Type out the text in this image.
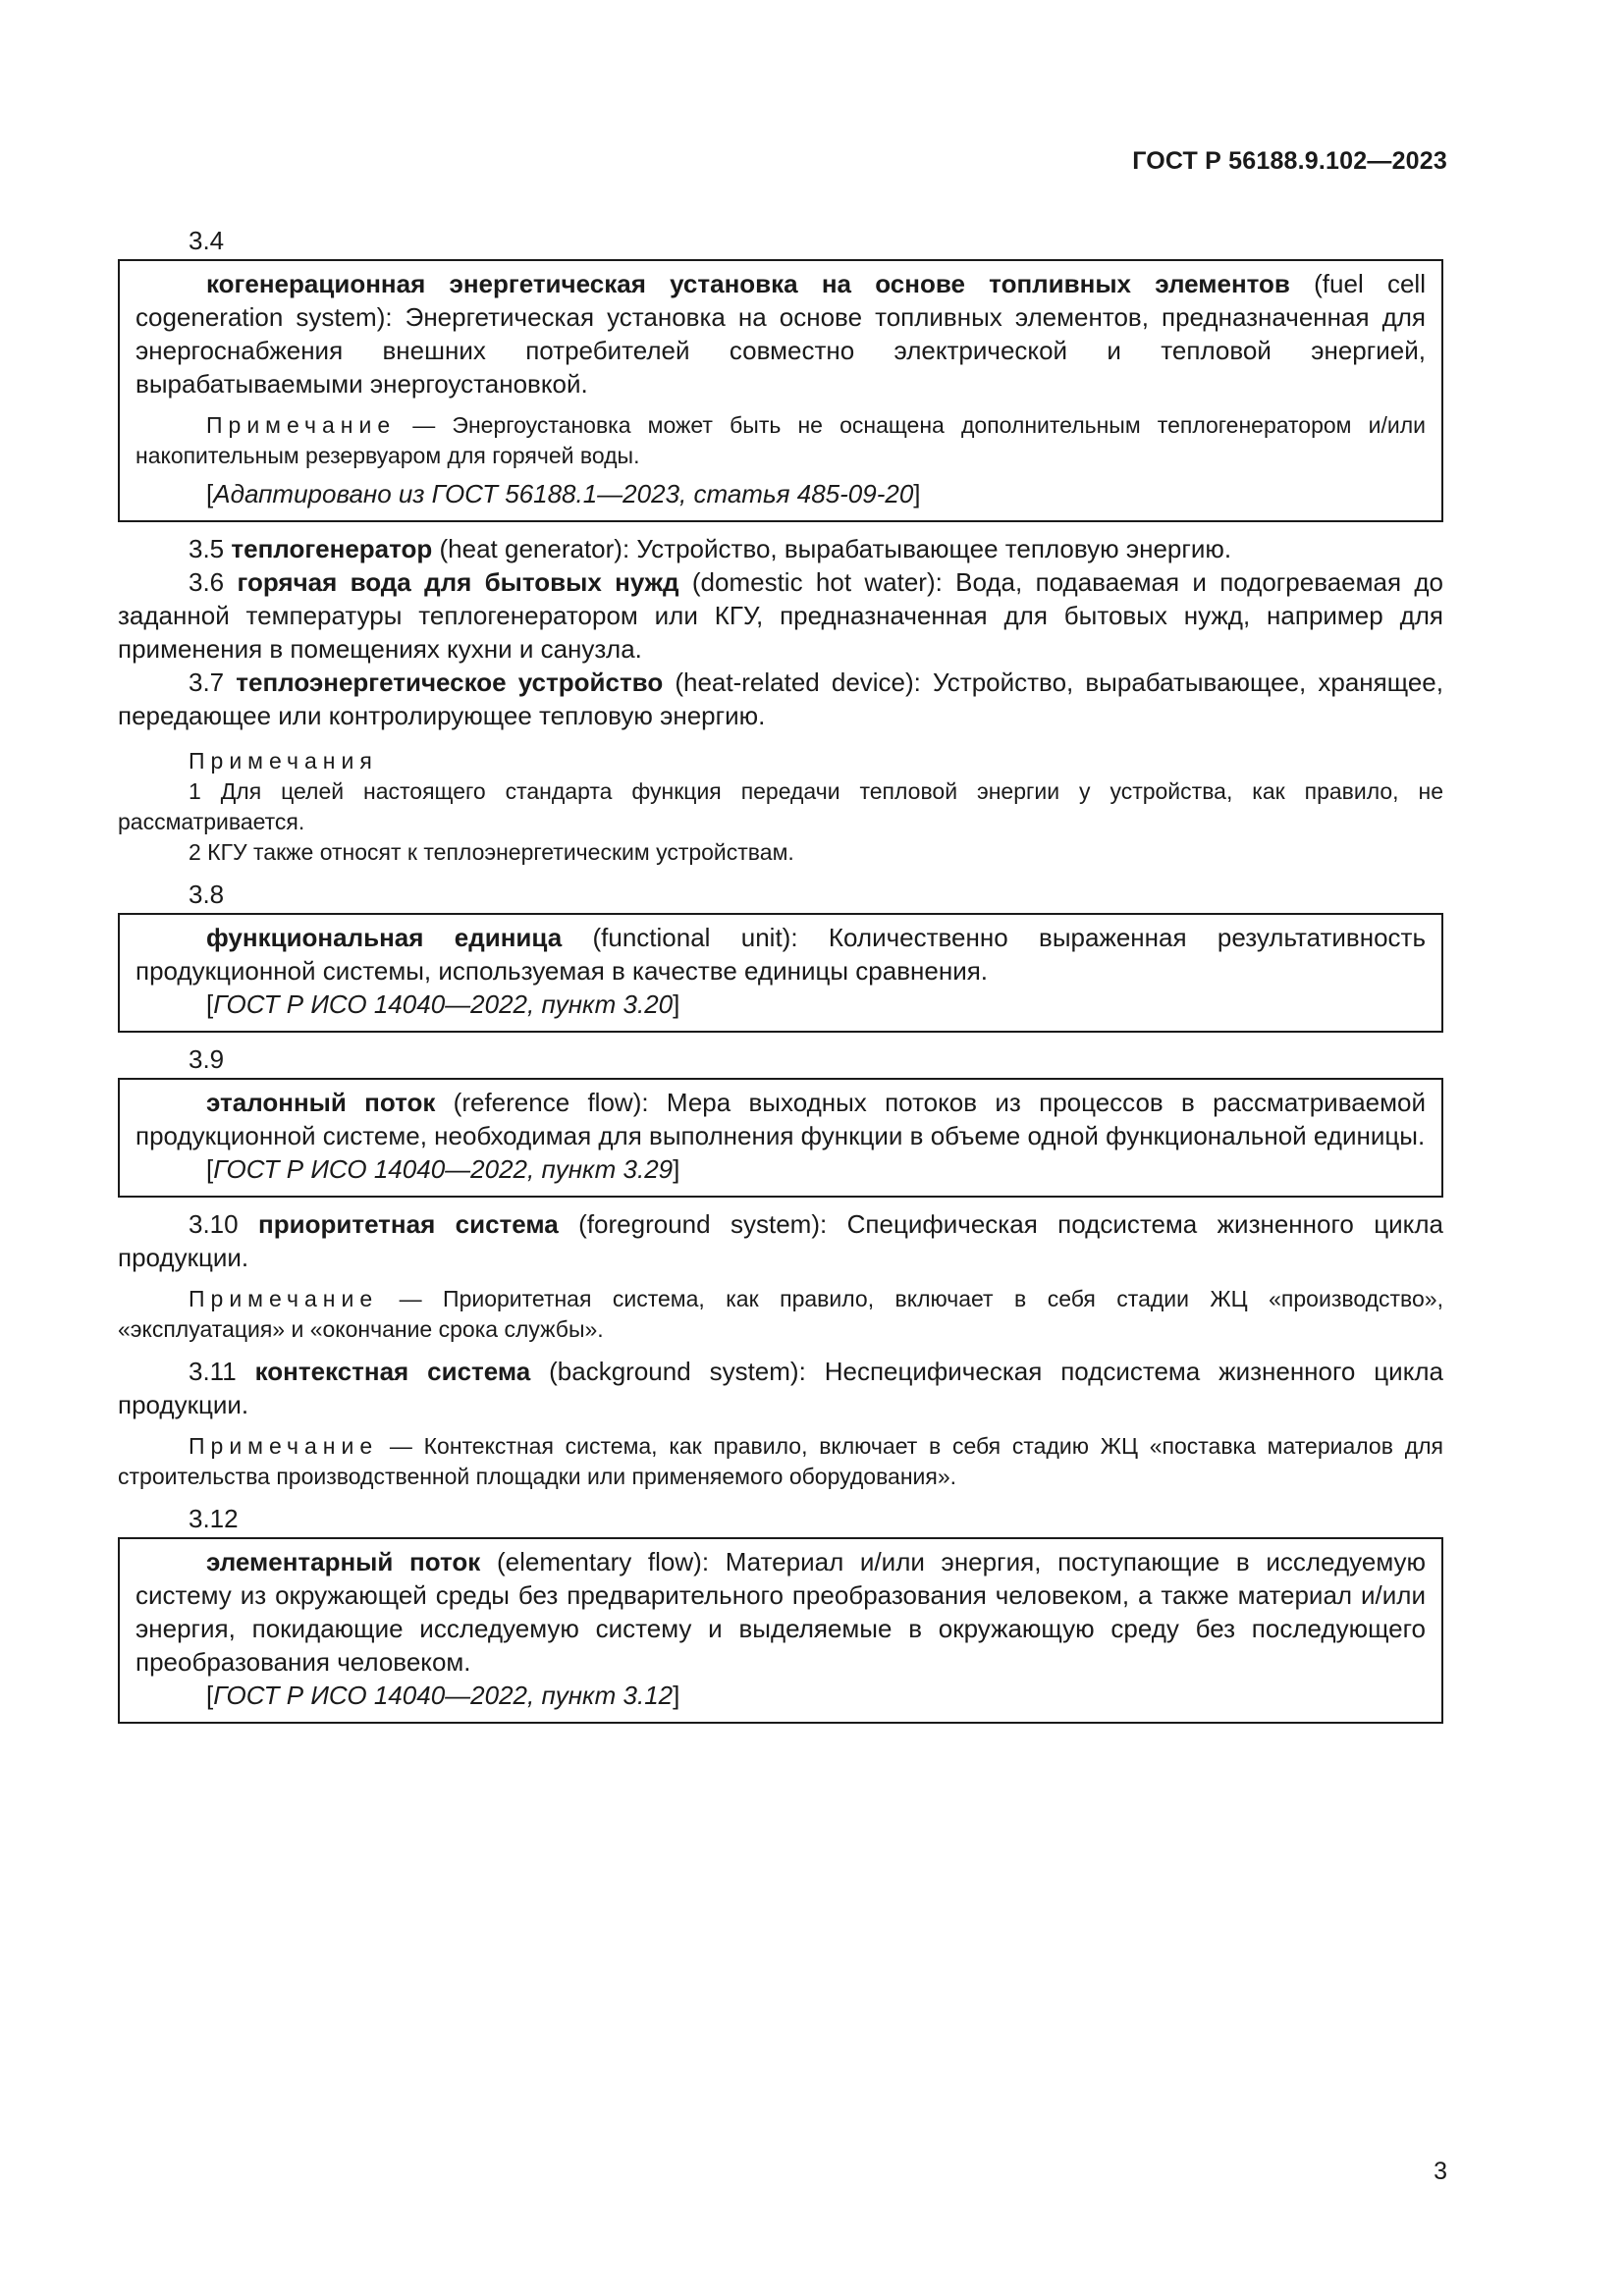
ГОСТ Р 56188.9.102—2023

3.4

когенерационная энергетическая установка на основе топливных элементов (fuel cell cogeneration system): Энергетическая установка на основе топливных элементов, предназначенная для энергоснабжения внешних потребителей совместно электрической и тепловой энергией, вырабатываемыми энергоустановкой.

Примечание — Энергоустановка может быть не оснащена дополнительным теплогенератором и/или накопительным резервуаром для горячей воды.

[Адаптировано из ГОСТ 56188.1—2023, статья 485-09-20]

3.5 теплогенератор (heat generator): Устройство, вырабатывающее тепловую энергию.

3.6 горячая вода для бытовых нужд (domestic hot water): Вода, подаваемая и подогреваемая до заданной температуры теплогенератором или КГУ, предназначенная для бытовых нужд, например для применения в помещениях кухни и санузла.

3.7 теплоэнергетическое устройство (heat-related device): Устройство, вырабатывающее, хранящее, передающее или контролирующее тепловую энергию.

Примечания

1 Для целей настоящего стандарта функция передачи тепловой энергии у устройства, как правило, не рассматривается.

2 КГУ также относят к теплоэнергетическим устройствам.

3.8

функциональная единица (functional unit): Количественно выраженная результативность продукционной системы, используемая в качестве единицы сравнения.

[ГОСТ Р ИСО 14040—2022, пункт 3.20]

3.9

эталонный поток (reference flow): Мера выходных потоков из процессов в рассматриваемой продукционной системе, необходимая для выполнения функции в объеме одной функциональной единицы.

[ГОСТ Р ИСО 14040—2022, пункт 3.29]

3.10 приоритетная система (foreground system): Специфическая подсистема жизненного цикла продукции.

Примечание — Приоритетная система, как правило, включает в себя стадии ЖЦ «производство», «эксплуатация» и «окончание срока службы».

3.11 контекстная система (background system): Неспецифическая подсистема жизненного цикла продукции.

Примечание — Контекстная система, как правило, включает в себя стадию ЖЦ «поставка материалов для строительства производственной площадки или применяемого оборудования».

3.12

элементарный поток (elementary flow): Материал и/или энергия, поступающие в исследуемую систему из окружающей среды без предварительного преобразования человеком, а также материал и/или энергия, покидающие исследуемую систему и выделяемые в окружающую среду без последующего преобразования человеком.

[ГОСТ Р ИСО 14040—2022, пункт 3.12]

3
